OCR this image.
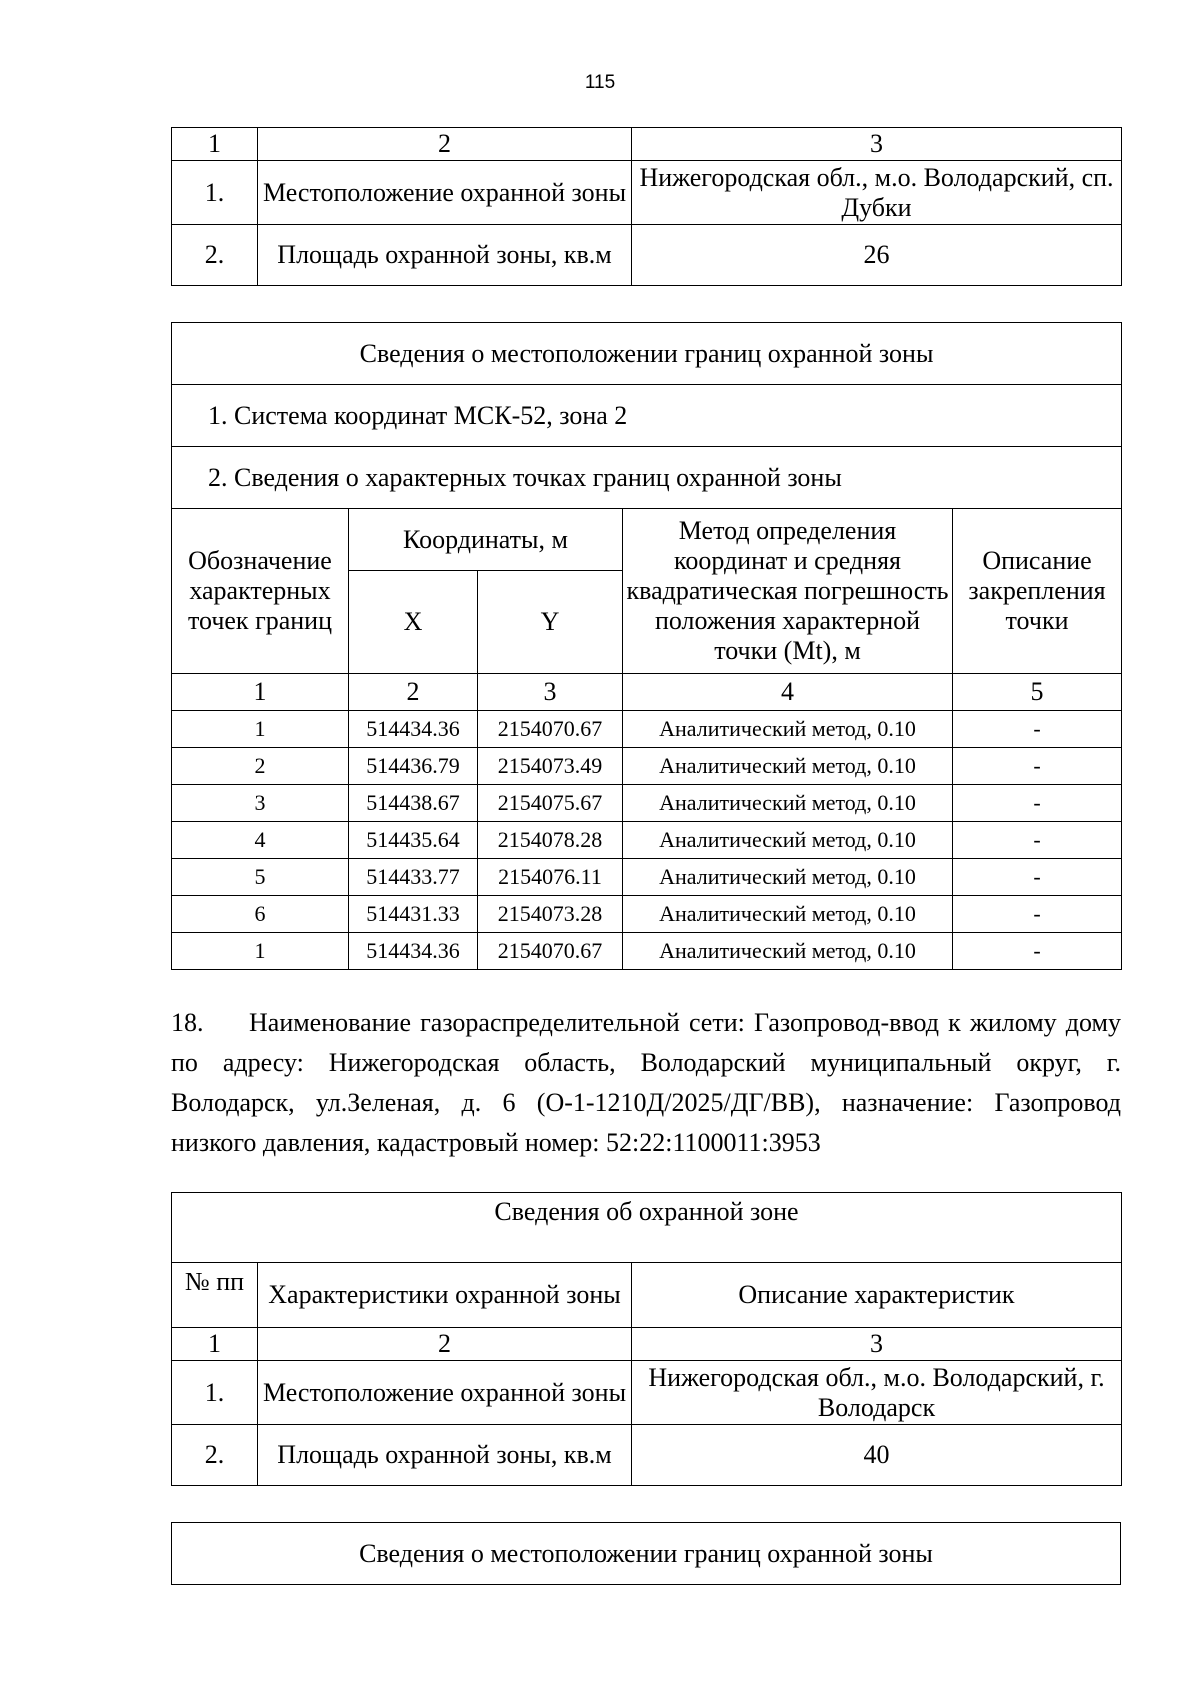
115
1	2	3
1.	Местоположение охранной зоны	Нижегородская обл., м.о. Володарский, сп. Дубки
2.	Площадь охранной зоны, кв.м	26
Сведения о местоположении границ охранной зоны				
1. Система координат МСК-52, зона 2				
2. Сведения о характерных точках границ охранной зоны				
Обозначение характерных точек границ	Координаты, м		Метод определения координат и средняя квадратическая погрешность положения характерной точки (Mt), м	Описание закрепления точки
	X	Y		
1	2	3	4	5
1	514434.36	2154070.67	Аналитический метод, 0.10	-
2	514436.79	2154073.49	Аналитический метод, 0.10	-
3	514438.67	2154075.67	Аналитический метод, 0.10	-
4	514435.64	2154078.28	Аналитический метод, 0.10	-
5	514433.77	2154076.11	Аналитический метод, 0.10	-
6	514431.33	2154073.28	Аналитический метод, 0.10	-
1	514434.36	2154070.67	Аналитический метод, 0.10	-

18. Наименование газораспределительной сети: Газопровод-ввод к жилому дому по адресу: Нижегородская область, Володарский муниципальный округ, г. Володарск, ул.Зеленая, д. 6 (О-1-1210Д/2025/ДГ/ВВ), назначение: Газопровод низкого давления, кадастровый номер: 52:22:1100011:3953

Сведения об охранной зоне		
№ пп	Характеристики охранной зоны	Описание характеристик
1	2	3
1.	Местоположение охранной зоны	Нижегородская обл., м.о. Володарский, г. Володарск
2.	Площадь охранной зоны, кв.м	40
Сведения о местоположении границ охранной зоны
